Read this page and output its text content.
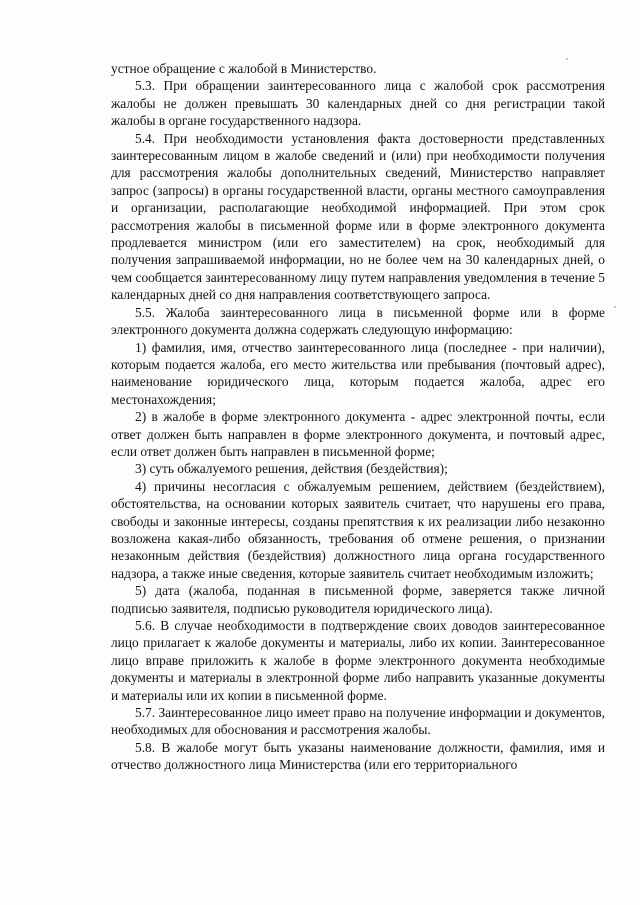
устное обращение с жалобой в Министерство.

5.3. При обращении заинтересованного лица с жалобой срок рассмотрения жалобы не должен превышать 30 календарных дней со дня регистрации такой жалобы в органе государственного надзора.

5.4. При необходимости установления факта достоверности представленных заинтересованным лицом в жалобе сведений и (или) при необходимости получения для рассмотрения жалобы дополнительных сведений, Министерство направляет запрос (запросы) в органы государственной власти, органы местного самоуправления и организации, располагающие необходимой информацией. При этом срок рассмотрения жалобы в письменной форме или в форме электронного документа продлевается министром (или его заместителем) на срок, необходимый для получения запрашиваемой информации, но не более чем на 30 календарных дней, о чем сообщается заинтересованному лицу путем направления уведомления в течение 5 календарных дней со дня направления соответствующего запроса.

5.5. Жалоба заинтересованного лица в письменной форме или в форме электронного документа должна содержать следующую информацию:

1) фамилия, имя, отчество заинтересованного лица (последнее - при наличии), которым подается жалоба, его место жительства или пребывания (почтовый адрес), наименование юридического лица, которым подается жалоба, адрес его местонахождения;

2) в жалобе в форме электронного документа - адрес электронной почты, если ответ должен быть направлен в форме электронного документа, и почтовый адрес, если ответ должен быть направлен в письменной форме;

3) суть обжалуемого решения, действия (бездействия);

4) причины несогласия с обжалуемым решением, действием (бездействием), обстоятельства, на основании которых заявитель считает, что нарушены его права, свободы и законные интересы, созданы препятствия к их реализации либо незаконно возложена какая-либо обязанность, требования об отмене решения, о признании незаконным действия (бездействия) должностного лица органа государственного надзора, а также иные сведения, которые заявитель считает необходимым изложить;

5) дата (жалоба, поданная в письменной форме, заверяется также личной подписью заявителя, подписью руководителя юридического лица).

5.6. В случае необходимости в подтверждение своих доводов заинтересованное лицо прилагает к жалобе документы и материалы, либо их копии. Заинтересованное лицо вправе приложить к жалобе в форме электронного документа необходимые документы и материалы в электронной форме либо направить указанные документы и материалы или их копии в письменной форме.

5.7. Заинтересованное лицо имеет право на получение информации и документов, необходимых для обоснования и рассмотрения жалобы.

5.8. В жалобе могут быть указаны наименование должности, фамилия, имя и отчество должностного лица Министерства (или его территориального
